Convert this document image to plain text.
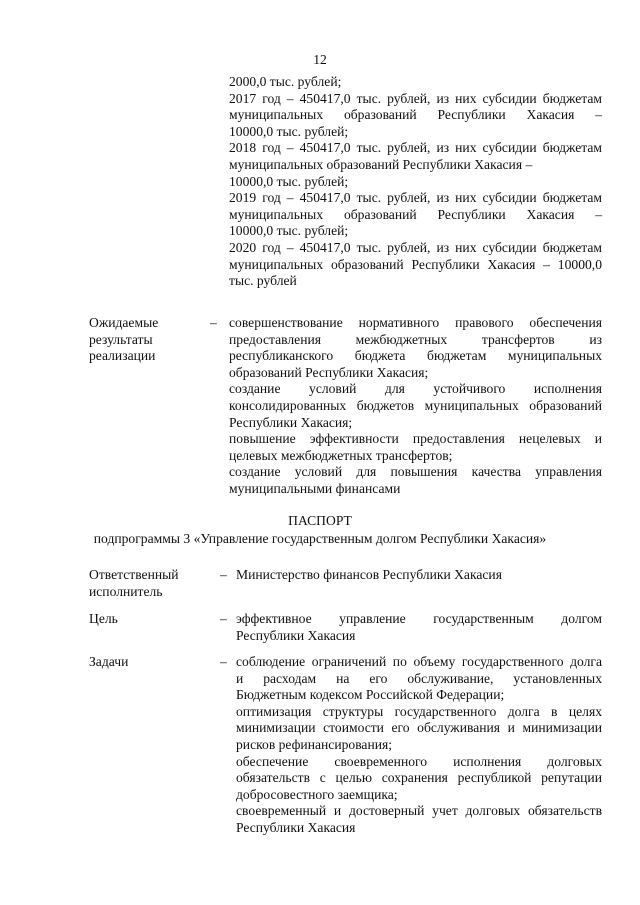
12
2000,0 тыс. рублей;
2017 год – 450417,0 тыс. рублей, из них субсидии бюджетам
муниципальных образований Республики Хакасия –
10000,0 тыс. рублей;
2018 год – 450417,0 тыс. рублей, из них субсидии бюджетам
муниципальных образований Республики Хакасия –
10000,0 тыс. рублей;
2019 год – 450417,0 тыс. рублей, из них субсидии бюджетам
муниципальных образований Республики Хакасия –
10000,0 тыс. рублей;
2020 год – 450417,0 тыс. рублей, из них субсидии бюджетам
муниципальных образований Республики Хакасия – 10000,0
тыс. рублей
Ожидаемые
результаты
реализации
– совершенствование нормативного правового обеспечения
предоставления межбюджетных трансфертов из
республиканского бюджета бюджетам муниципальных
образований Республики Хакасия;
создание условий для устойчивого исполнения
консолидированных бюджетов муниципальных образований
Республики Хакасия;
повышение эффективности предоставления нецелевых и
целевых межбюджетных трансфертов;
создание условий для повышения качества управления
муниципальными финансами
ПАСПОРТ
подпрограммы 3 «Управление государственным долгом Республики Хакасия»
Ответственный
исполнитель
– Министерство финансов Республики Хакасия
Цель	– эффективное управление государственным долгом
Республики Хакасия
Задачи	– соблюдение ограничений по объему государственного долга
и расходам на его обслуживание, установленных
Бюджетным кодексом Российской Федерации;
оптимизация структуры государственного долга в целях
минимизации стоимости его обслуживания и минимизации
рисков рефинансирования;
обеспечение своевременного исполнения долговых
обязательств с целью сохранения республикой репутации
добросовестного заемщика;
своевременный и достоверный учет долговых обязательств
Республики Хакасия
